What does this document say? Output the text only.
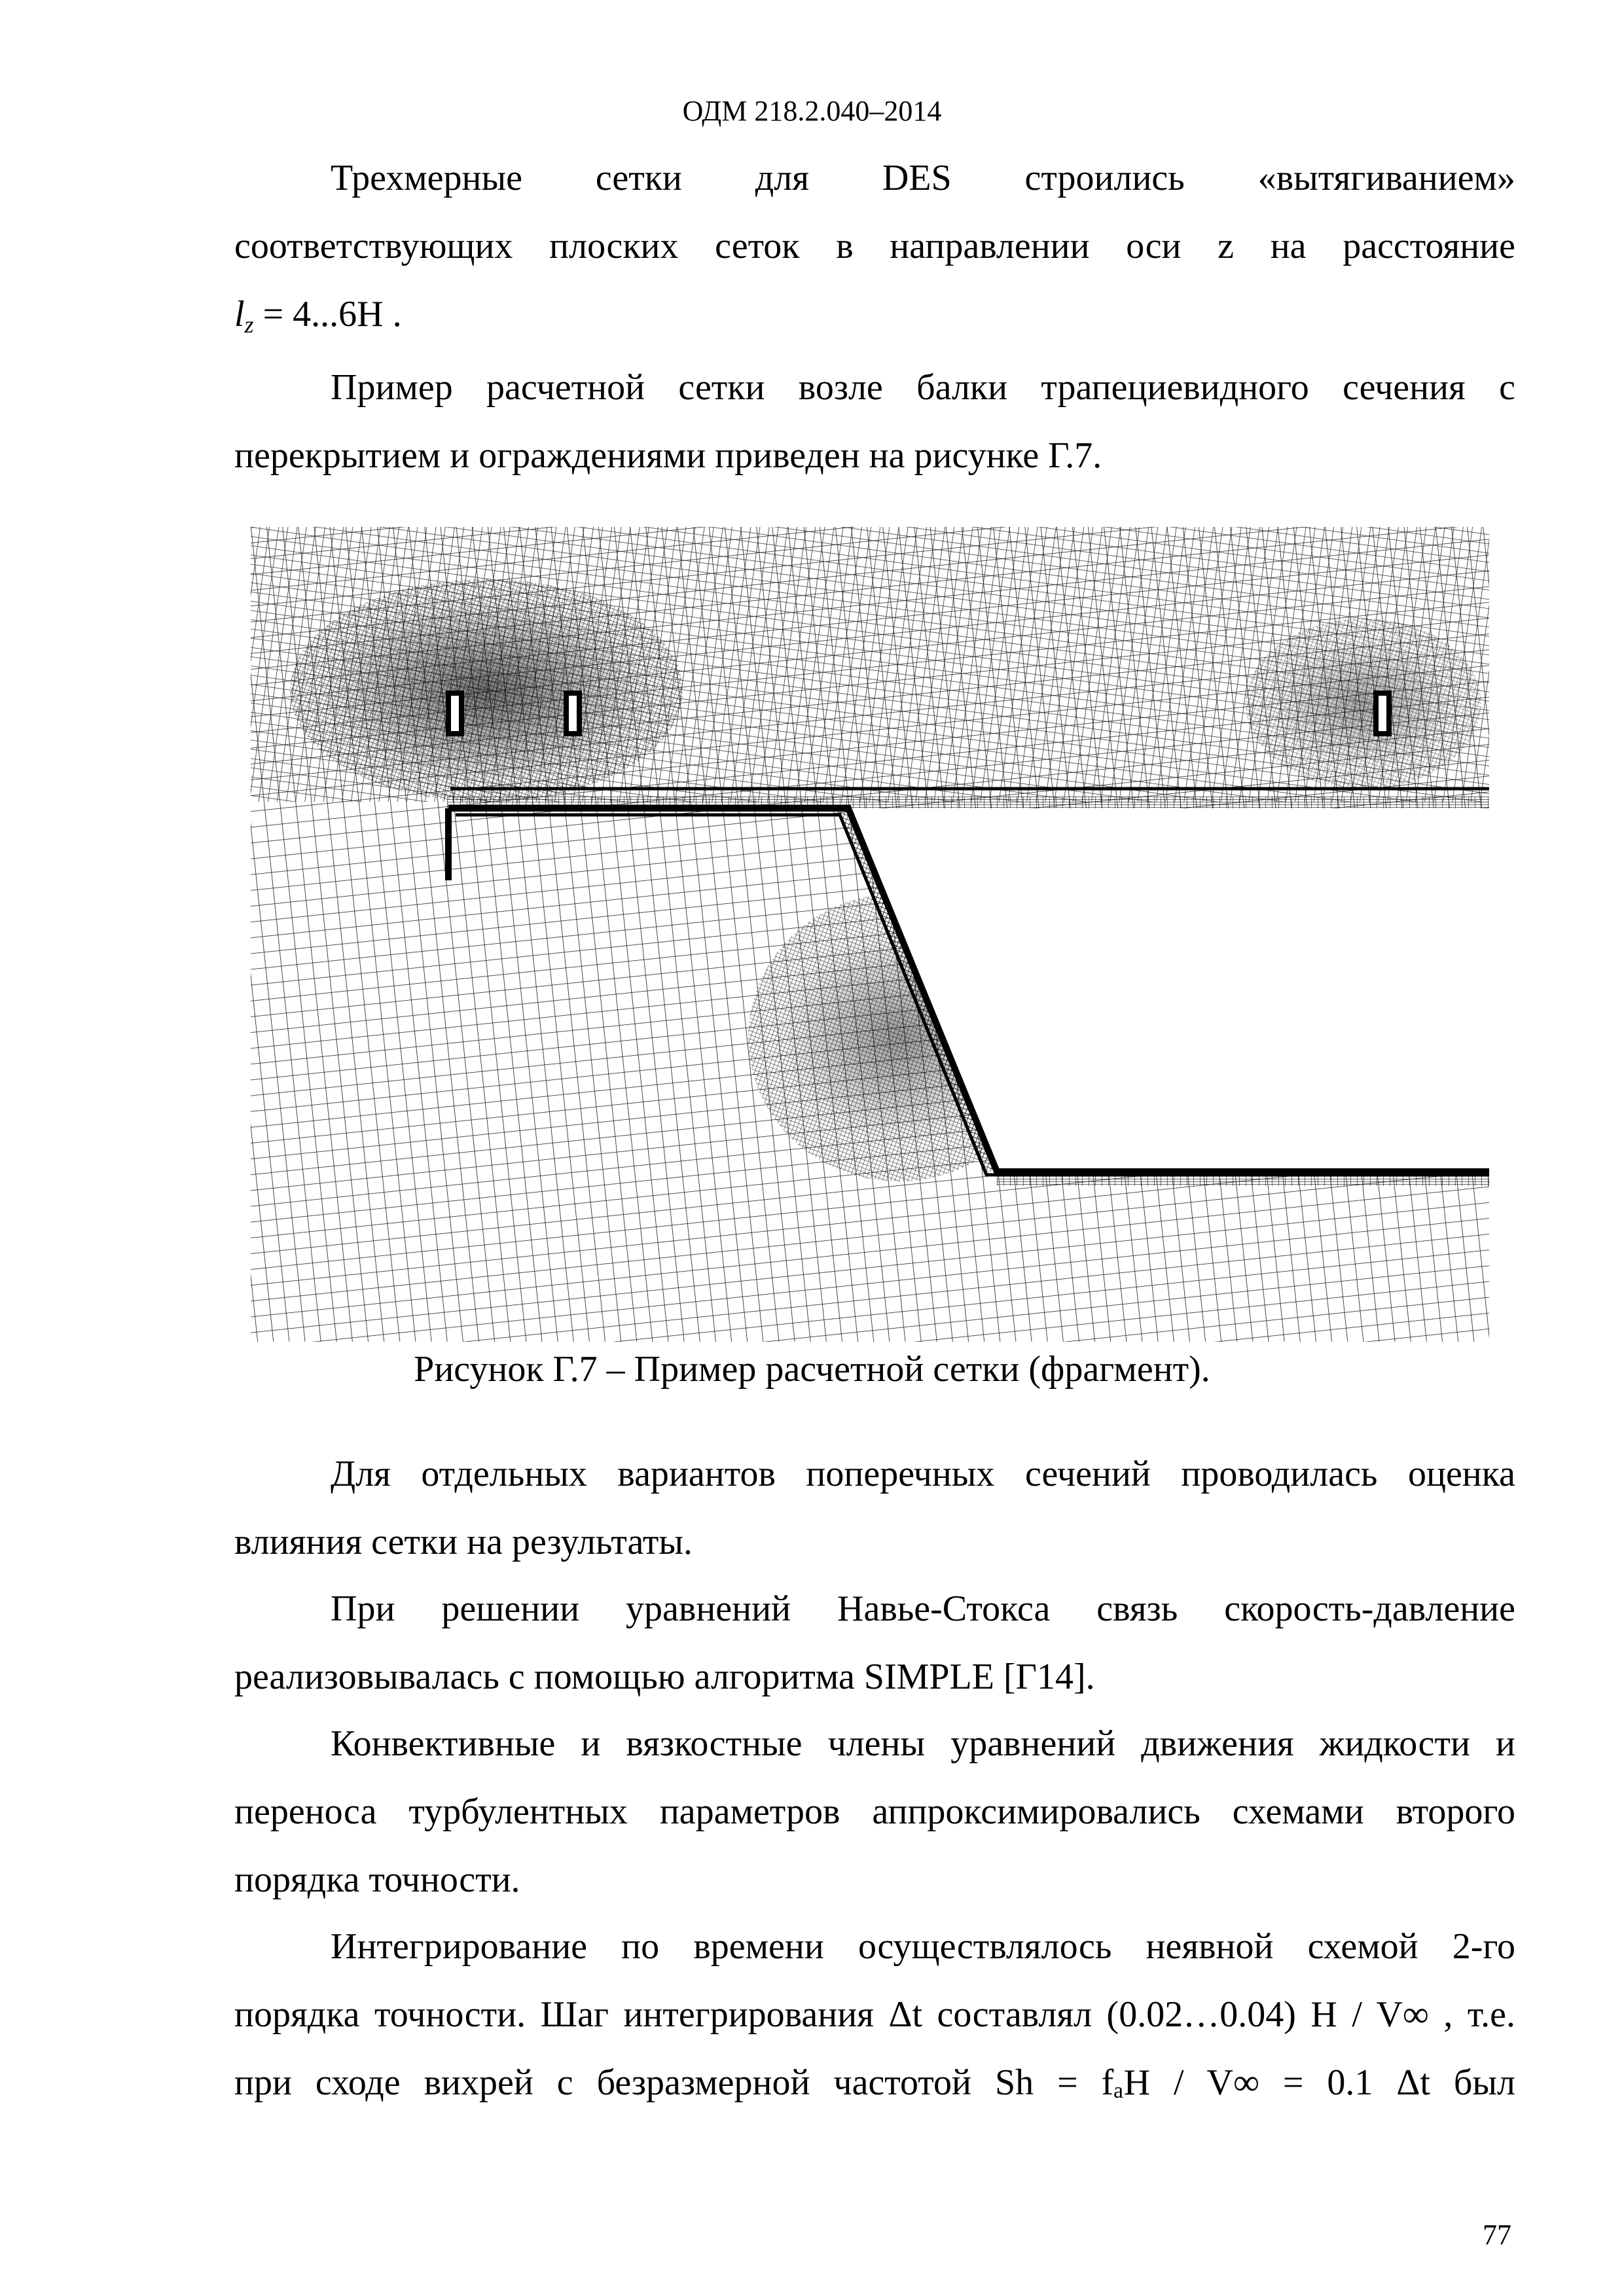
ОДМ 218.2.040–2014
Трехмерные сетки для DES строились «вытягиванием»
соответствующих плоских сеток в направлении оси z на расстояние
$l_z = 4...6H$ .
Пример расчетной сетки возле балки трапециевидного сечения с
перекрытием и ограждениями приведен на рисунке Г.7.
Рисунок Г.7 – Пример расчетной сетки (фрагмент).
Для отдельных вариантов поперечных сечений проводилась оценка
влияния сетки на результаты.
При решении уравнений Навье-Стокса связь скорость-давление
реализовывалась с помощью алгоритма SIMPLE [Г14].
Конвективные и вязкостные члены уравнений движения жидкости и
переноса турбулентных параметров аппроксимировались схемами второго
порядка точности.
Интегрирование по времени осуществлялось неявной схемой 2-го
порядка точности. Шаг интегрирования Δt составлял (0.02…0.04) H / V∞ , т.е.
при сходе вихрей с безразмерной частотой Sh = fₐH / V∞ = 0.1 Δt был
77
